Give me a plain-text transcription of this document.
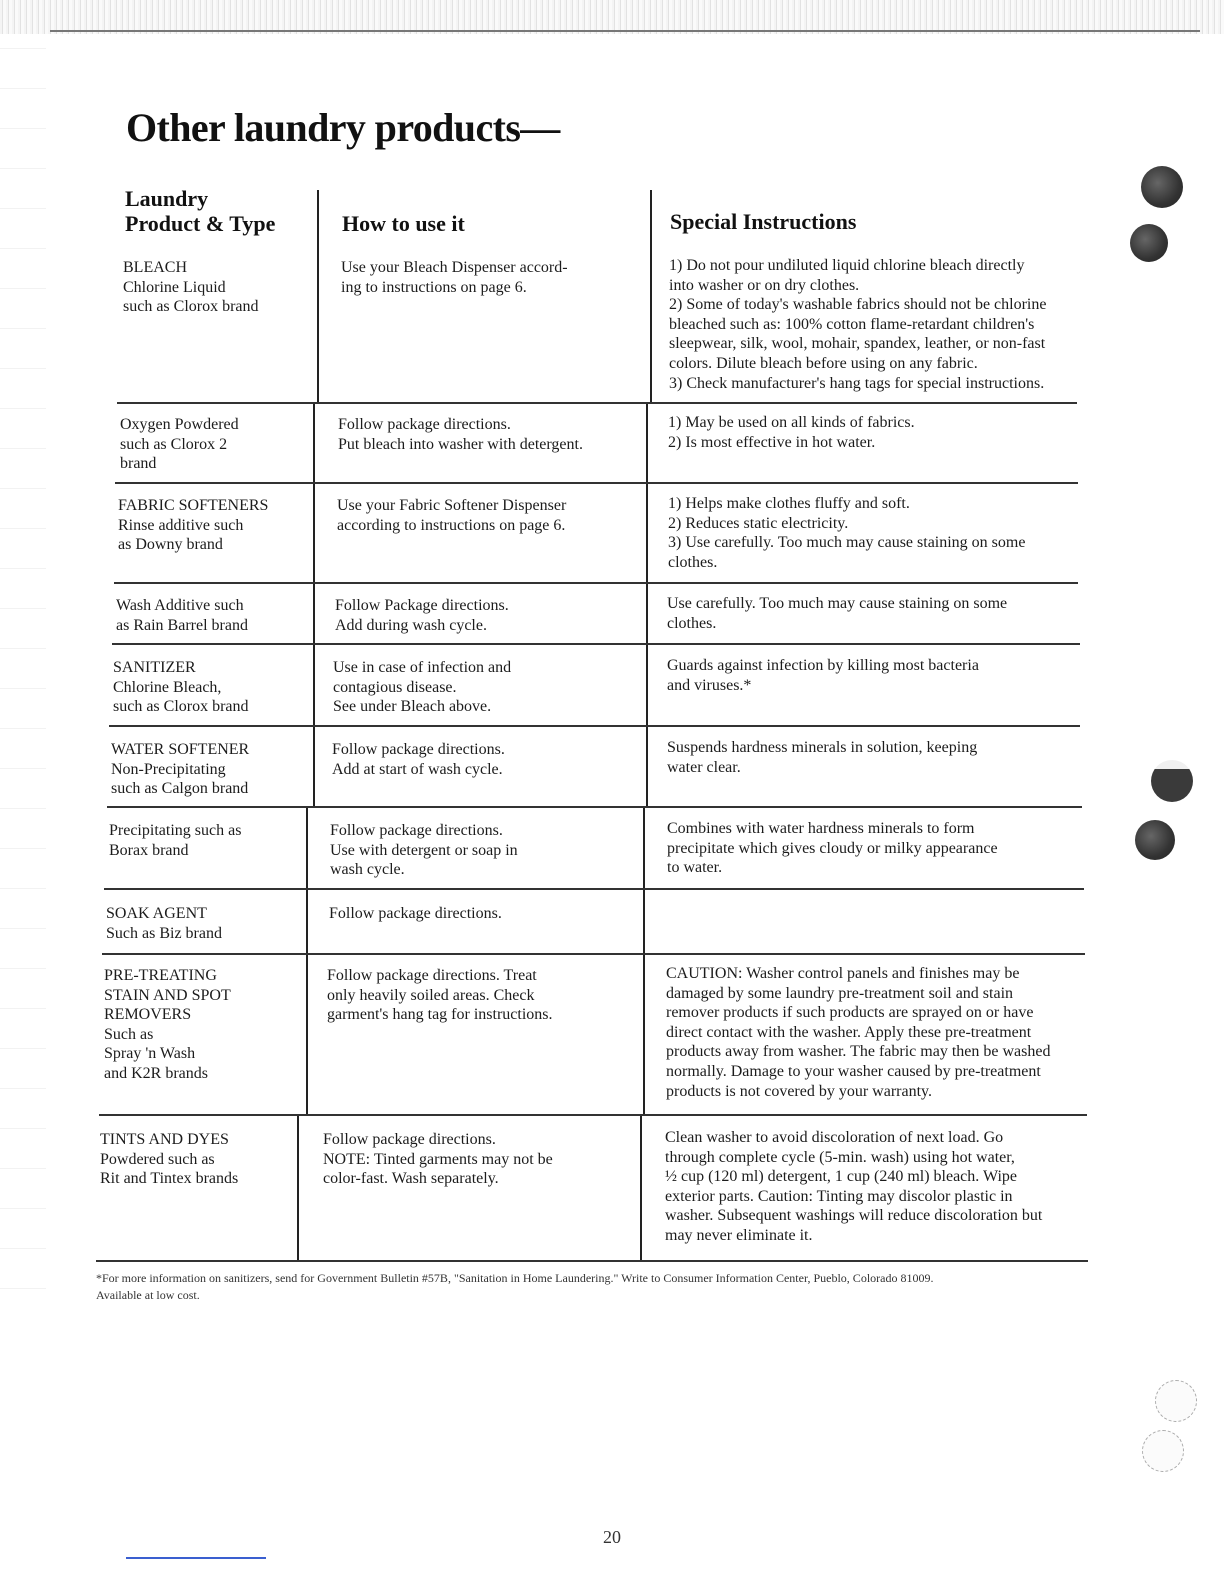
Other laundry products—
Laundry
Product & Type	How to use it	Special Instructions
BLEACH
Chlorine Liquid
such as Clorox brand
Use your Bleach Dispenser accord-
ing to instructions on page 6.
1) Do not pour undiluted liquid chlorine bleach directly
into washer or on dry clothes.
2) Some of today's washable fabrics should not be chlorine
bleached such as: 100% cotton flame-retardant children's
sleepwear, silk, wool, mohair, spandex, leather, or non-fast
colors. Dilute bleach before using on any fabric.
3) Check manufacturer's hang tags for special instructions.
Oxygen Powdered
such as Clorox 2
brand
Follow package directions.
Put bleach into washer with detergent.
1) May be used on all kinds of fabrics.
2) Is most effective in hot water.
FABRIC SOFTENERS
Rinse additive such
as Downy brand
Use your Fabric Softener Dispenser
according to instructions on page 6.
1) Helps make clothes fluffy and soft.
2) Reduces static electricity.
3) Use carefully. Too much may cause staining on some
clothes.
Wash Additive such
as Rain Barrel brand
Follow Package directions.
Add during wash cycle.
Use carefully. Too much may cause staining on some
clothes.
SANITIZER
Chlorine Bleach,
such as Clorox brand
Use in case of infection and
contagious disease.
See under Bleach above.
Guards against infection by killing most bacteria
and viruses.*
WATER SOFTENER
Non-Precipitating
such as Calgon brand
Follow package directions.
Add at start of wash cycle.
Suspends hardness minerals in solution, keeping
water clear.
Precipitating such as
Borax brand
Follow package directions.
Use with detergent or soap in
wash cycle.
Combines with water hardness minerals to form
precipitate which gives cloudy or milky appearance
to water.
SOAK AGENT
Such as Biz brand
Follow package directions.
PRE-TREATING
STAIN AND SPOT
REMOVERS
Such as
Spray 'n Wash
and K2R brands
Follow package directions. Treat
only heavily soiled areas. Check
garment's hang tag for instructions.
CAUTION: Washer control panels and finishes may be
damaged by some laundry pre-treatment soil and stain
remover products if such products are sprayed on or have
direct contact with the washer. Apply these pre-treatment
products away from washer. The fabric may then be washed
normally. Damage to your washer caused by pre-treatment
products is not covered by your warranty.
TINTS AND DYES
Powdered such as
Rit and Tintex brands
Follow package directions.
NOTE: Tinted garments may not be
color-fast. Wash separately.
Clean washer to avoid discoloration of next load. Go
through complete cycle (5-min. wash) using hot water,
½ cup (120 ml) detergent, 1 cup (240 ml) bleach. Wipe
exterior parts. Caution: Tinting may discolor plastic in
washer. Subsequent washings will reduce discoloration but
may never eliminate it.
*For more information on sanitizers, send for Government Bulletin #57B, "Sanitation in Home Laundering." Write to Consumer Information Center, Pueblo, Colorado 81009.
Available at low cost.
20
